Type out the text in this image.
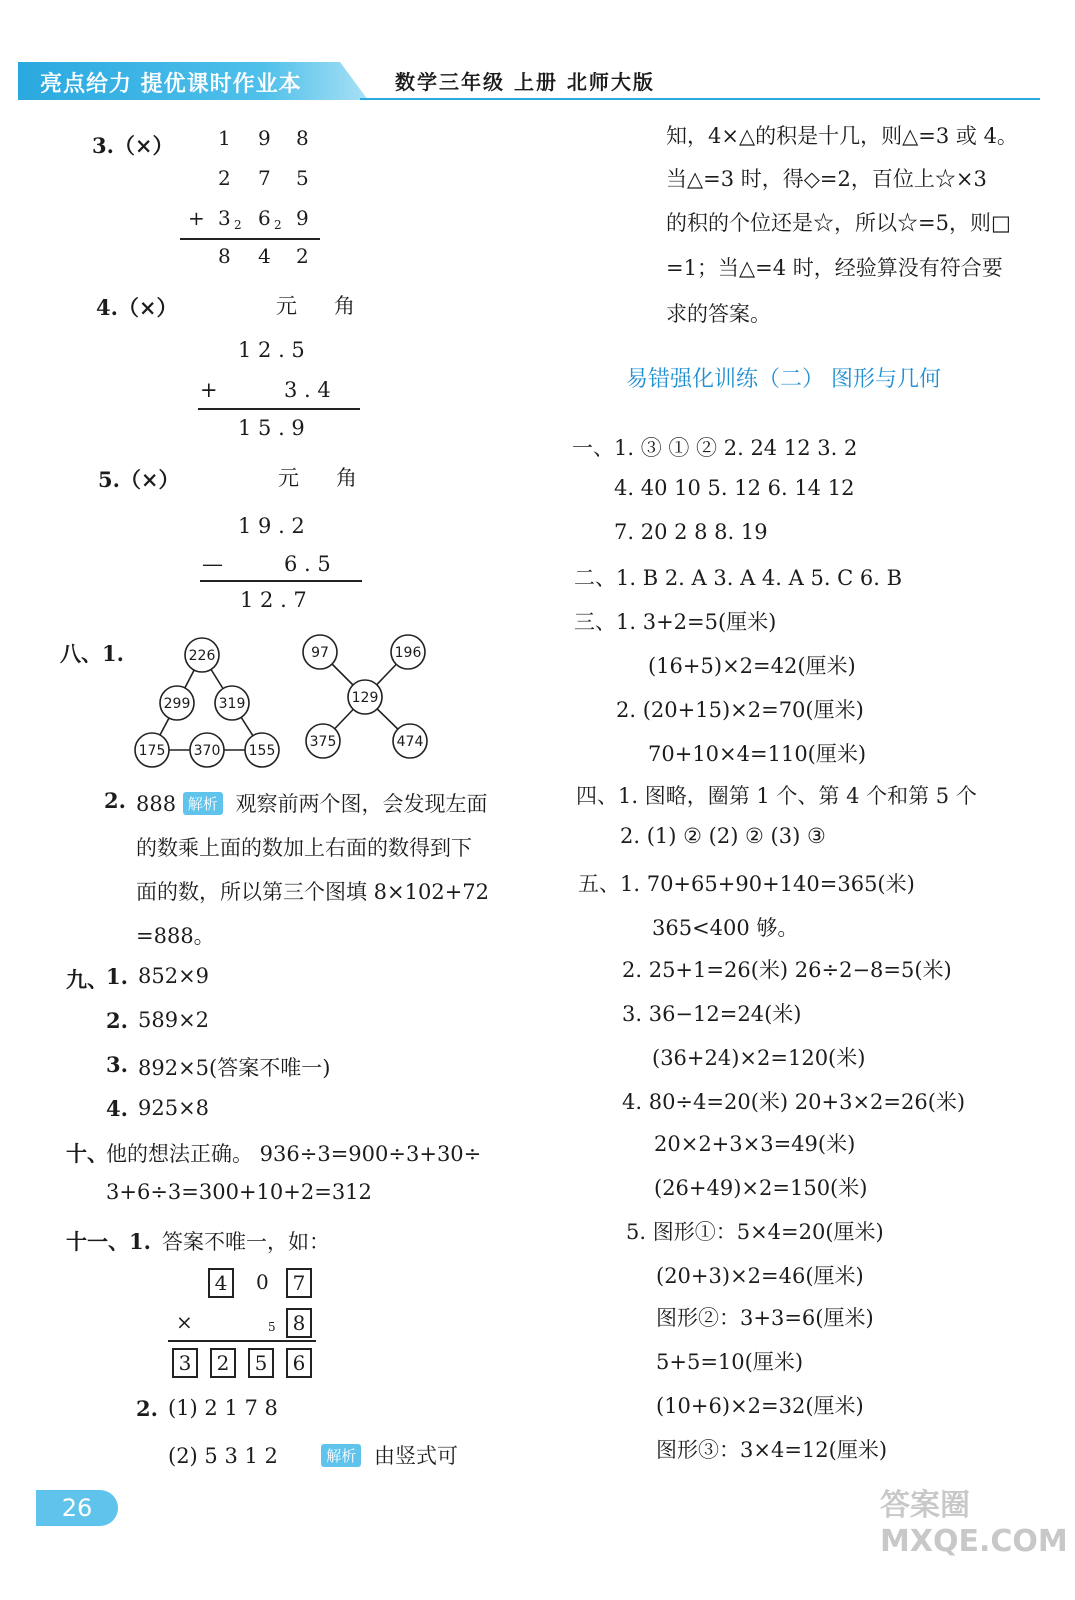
亮点给力 提优课时作业本	数学三年级 上册 北师大版
3.（×） 1 9 8
2 7 5
+ 3 2 6 2 9
8 4 2
4.（×）	元 角
1 2 . 5
+	3 . 4
1 5 . 9
5.（×）	元 角
1 9 . 2
—	6 . 5
1 2 . 7
八、1.	226
299 319
175 370 155
97	196
129
375	474
2. 888 解析 观察前两个图，会发现左面
的数乘上面的数加上右面的数得到下
面的数，所以第三个图填 8×102+72
=888。
九、
1. 852×9
2. 589×2
3. 892×5(答案不唯一)
4. 925×8
十、
他的想法正确。 936÷3=900÷3+30÷
3+6÷3=300+10+2=312
十一、1. 答案不唯一，如：
4	0	7
×	5 8
3	2	5	6
2. (1) 2 1 7 8
(2) 5 3 1 2	解析 由竖式可
知，4×△的积是十几，则△=3 或 4。
当△=3 时，得◇=2，百位上☆×3
的积的个位还是☆，所以☆=5，则□
=1；当△=4 时，经验算没有符合要
求的答案。
易错强化训练（二） 图形与几何
一、1. ③ ① ② 2. 24 12 3. 2
4. 40 10 5. 12 6. 14 12
7. 20 2 8 8. 19
二、1. B 2. A 3. A 4. A 5. C 6. B
三、1. 3+2=5(厘米)
(16+5)×2=42(厘米)
2. (20+15)×2=70(厘米)
70+10×4=110(厘米)
四、1. 图略，圈第 1 个、第 4 个和第 5 个
2. (1) ② (2) ② (3) ③
五、1. 70+65+90+140=365(米)
365<400 够。
2. 25+1=26(米) 26÷2−8=5(米)
3. 36−12=24(米)
(36+24)×2=120(米)
4. 80÷4=20(米) 20+3×2=26(米)
20×2+3×3=49(米)
(26+49)×2=150(米)
5. 图形①：5×4=20(厘米)
(20+3)×2=46(厘米)
图形②：3+3=6(厘米)
5+5=10(厘米)
(10+6)×2=32(厘米)
图形③：3×4=12(厘米)
26	答案圈 MXQE.COM
